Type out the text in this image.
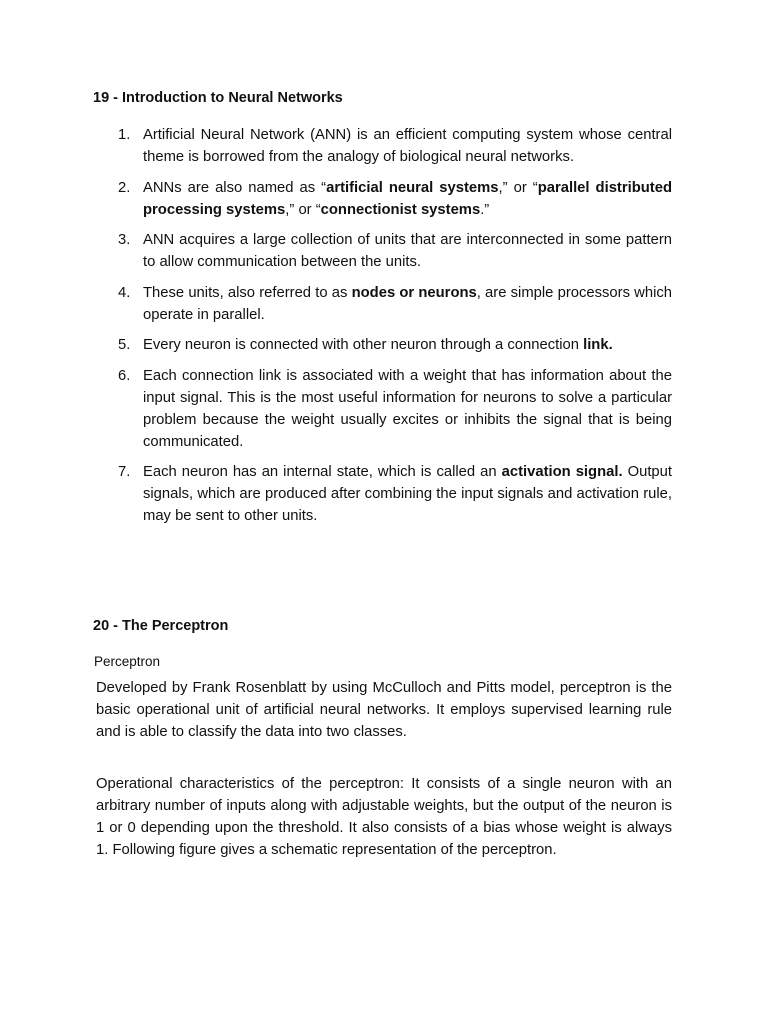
19 - Introduction to Neural Networks
1. Artificial Neural Network (ANN) is an efficient computing system whose central theme is borrowed from the analogy of biological neural networks.
2. ANNs are also named as “artificial neural systems,” or “parallel distributed processing systems,” or “connectionist systems.”
3. ANN acquires a large collection of units that are interconnected in some pattern to allow communication between the units.
4. These units, also referred to as nodes or neurons, are simple processors which operate in parallel.
5. Every neuron is connected with other neuron through a connection link.
6. Each connection link is associated with a weight that has information about the input signal. This is the most useful information for neurons to solve a particular problem because the weight usually excites or inhibits the signal that is being communicated.
7. Each neuron has an internal state, which is called an activation signal. Output signals, which are produced after combining the input signals and activation rule, may be sent to other units.
20 - The Perceptron

Perceptron

Developed by Frank Rosenblatt by using McCulloch and Pitts model, perceptron is the basic operational unit of artificial neural networks. It employs supervised learning rule and is able to classify the data into two classes.

Operational characteristics of the perceptron: It consists of a single neuron with an arbitrary number of inputs along with adjustable weights, but the output of the neuron is 1 or 0 depending upon the threshold. It also consists of a bias whose weight is always 1. Following figure gives a schematic representation of the perceptron.
